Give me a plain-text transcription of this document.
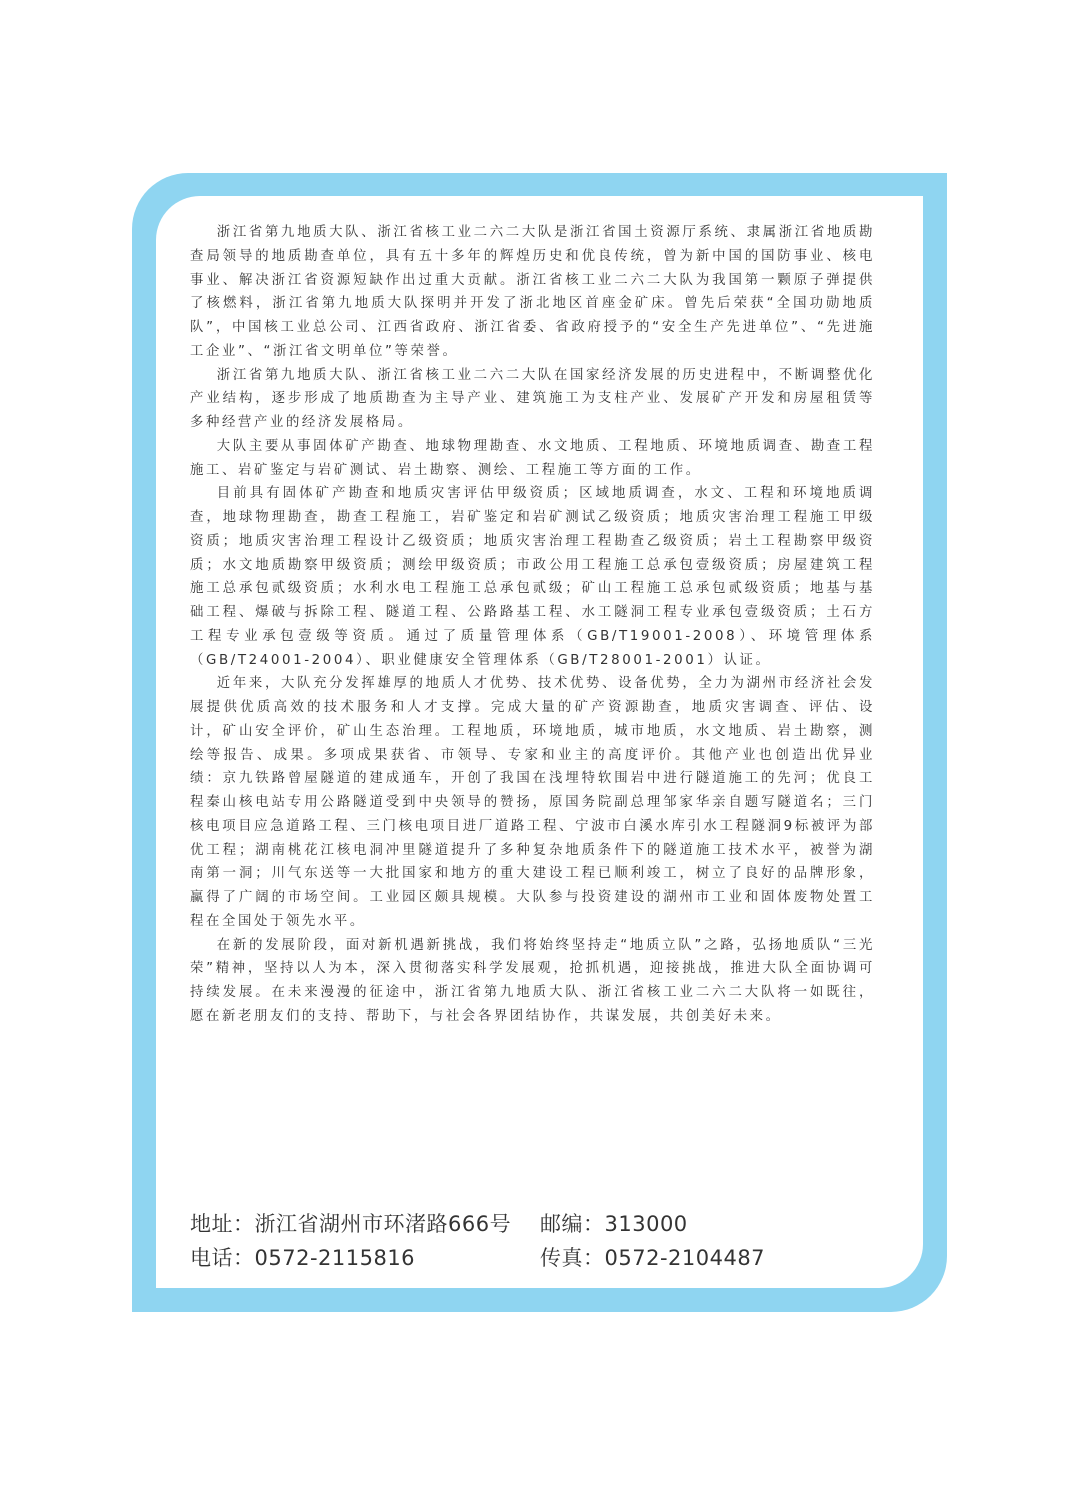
浙江省第九地质大队、浙江省核工业二六二大队是浙江省国土资源厅系统、隶属浙江省地质勘查局领导的地质勘查单位，具有五十多年的辉煌历史和优良传统，曾为新中国的国防事业、核电事业、解决浙江省资源短缺作出过重大贡献。浙江省核工业二六二大队为我国第一颗原子弹提供了核燃料，浙江省第九地质大队探明并开发了浙北地区首座金矿床。曾先后荣获“全国功勋地质队”，中国核工业总公司、江西省政府、浙江省委、省政府授予的“安全生产先进单位”、“先进施工企业”、“浙江省文明单位”等荣誉。

浙江省第九地质大队、浙江省核工业二六二大队在国家经济发展的历史进程中，不断调整优化产业结构，逐步形成了地质勘查为主导产业、建筑施工为支柱产业、发展矿产开发和房屋租赁等多种经营产业的经济发展格局。

大队主要从事固体矿产勘查、地球物理勘查、水文地质、工程地质、环境地质调查、勘查工程施工、岩矿鉴定与岩矿测试、岩土勘察、测绘、工程施工等方面的工作。

目前具有固体矿产勘查和地质灾害评估甲级资质；区域地质调查，水文、工程和环境地质调查，地球物理勘查，勘查工程施工，岩矿鉴定和岩矿测试乙级资质；地质灾害治理工程施工甲级资质；地质灾害治理工程设计乙级资质；地质灾害治理工程勘查乙级资质；岩土工程勘察甲级资质；水文地质勘察甲级资质；测绘甲级资质；市政公用工程施工总承包壹级资质；房屋建筑工程施工总承包贰级资质；水利水电工程施工总承包贰级；矿山工程施工总承包贰级资质；地基与基础工程、爆破与拆除工程、隧道工程、公路路基工程、水工隧洞工程专业承包壹级资质；土石方工程专业承包壹级等资质。通过了质量管理体系（GB/T19001-2008）、环境管理体系（GB/T24001-2004）、职业健康安全管理体系（GB/T28001-2001）认证。

近年来，大队充分发挥雄厚的地质人才优势、技术优势、设备优势，全力为湖州市经济社会发展提供优质高效的技术服务和人才支撑。完成大量的矿产资源勘查，地质灾害调查、评估、设计，矿山安全评价，矿山生态治理。工程地质，环境地质，城市地质，水文地质、岩土勘察，测绘等报告、成果。多项成果获省、市领导、专家和业主的高度评价。其他产业也创造出优异业绩：京九铁路曾屋隧道的建成通车，开创了我国在浅埋特软围岩中进行隧道施工的先河；优良工程秦山核电站专用公路隧道受到中央领导的赞扬，原国务院副总理邹家华亲自题写隧道名；三门核电项目应急道路工程、三门核电项目进厂道路工程、宁波市白溪水库引水工程隧洞9标被评为部优工程；湖南桃花江核电洞冲里隧道提升了多种复杂地质条件下的隧道施工技术水平，被誉为湖南第一洞；川气东送等一大批国家和地方的重大建设工程已顺利竣工，树立了良好的品牌形象，赢得了广阔的市场空间。工业园区颇具规模。大队参与投资建设的湖州市工业和固体废物处置工程在全国处于领先水平。

在新的发展阶段，面对新机遇新挑战，我们将始终坚持走“地质立队”之路，弘扬地质队“三光荣”精神，坚持以人为本，深入贯彻落实科学发展观，抢抓机遇，迎接挑战，推进大队全面协调可持续发展。在未来漫漫的征途中，浙江省第九地质大队、浙江省核工业二六二大队将一如既往，愿在新老朋友们的支持、帮助下，与社会各界团结协作，共谋发展，共创美好未来。

地址：浙江省湖州市环渚路666号 邮编：313000
电话：0572-2115816	传真：0572-2104487
